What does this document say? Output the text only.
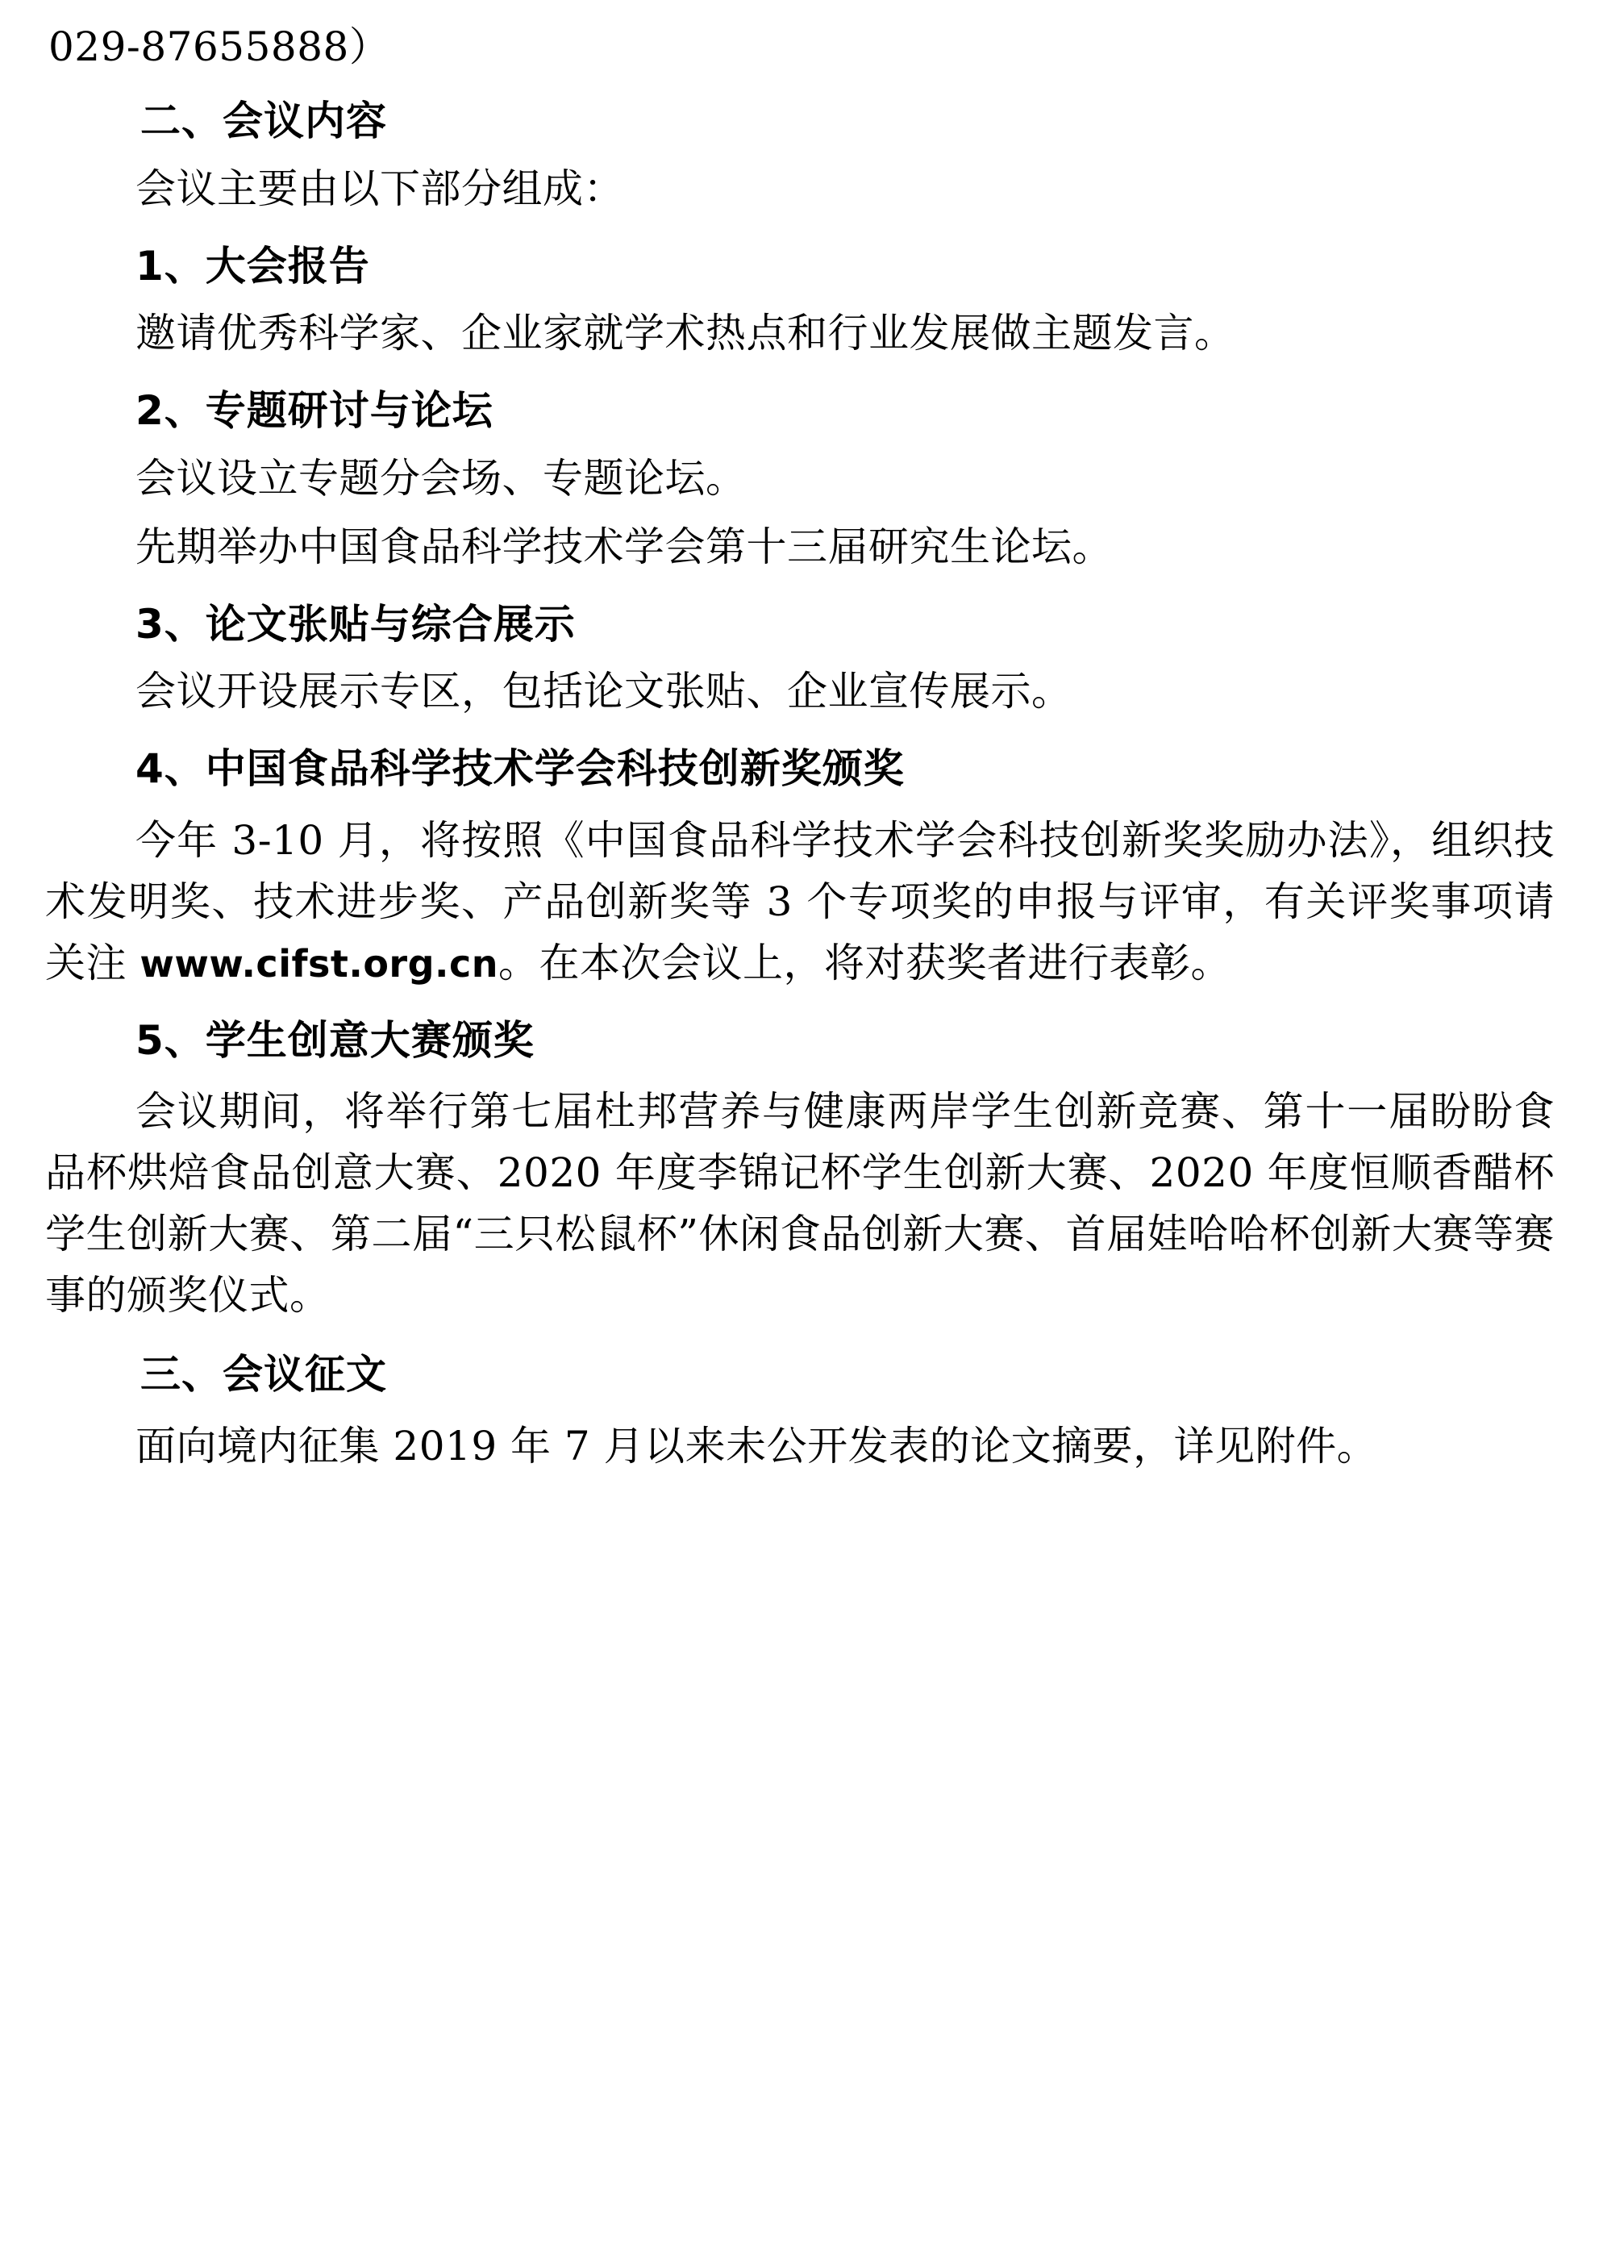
029-87655888）

二、会议内容

会议主要由以下部分组成：

1、大会报告

邀请优秀科学家、企业家就学术热点和行业发展做主题发言。

2、专题研讨与论坛

会议设立专题分会场、专题论坛。

先期举办中国食品科学技术学会第十三届研究生论坛。

3、论文张贴与综合展示

会议开设展示专区，包括论文张贴、企业宣传展示。

4、中国食品科学技术学会科技创新奖颁奖

今年 3-10 月，将按照《中国食品科学技术学会科技创新奖奖励办法》，组织技术发明奖、技术进步奖、产品创新奖等 3 个专项奖的申报与评审，有关评奖事项请关注 www.cifst.org.cn。在本次会议上，将对获奖者进行表彰。

5、学生创意大赛颁奖

会议期间，将举行第七届杜邦营养与健康两岸学生创新竞赛、第十一届盼盼食品杯烘焙食品创意大赛、2020 年度李锦记杯学生创新大赛、2020 年度恒顺香醋杯学生创新大赛、第二届“三只松鼠杯”休闲食品创新大赛、首届娃哈哈杯创新大赛等赛事的颁奖仪式。

三、会议征文

面向境内征集 2019 年 7 月以来未公开发表的论文摘要，详见附件。
